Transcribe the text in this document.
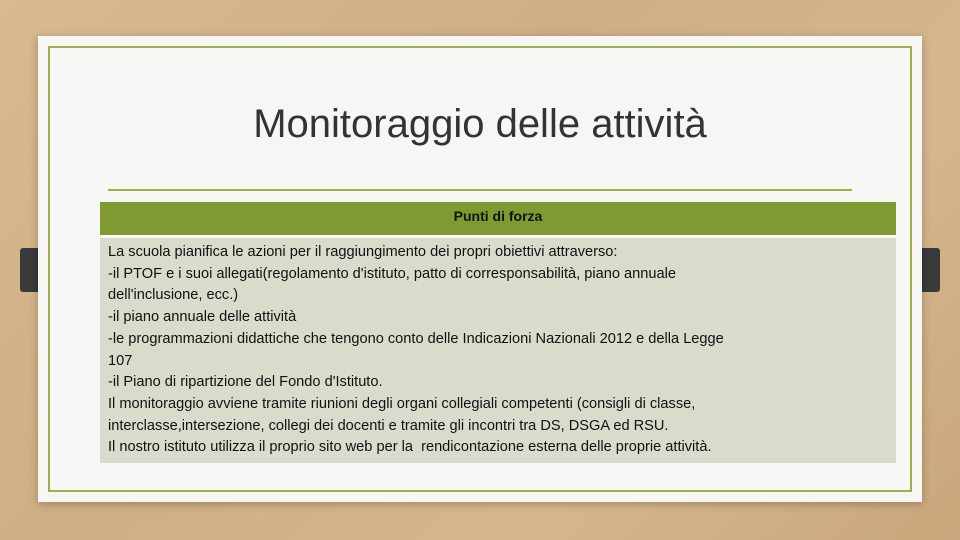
Monitoraggio delle attività
Punti di forza
La scuola pianifica le azioni per il raggiungimento dei propri obiettivi attraverso:
-il PTOF e i suoi allegati(regolamento d'istituto, patto di corresponsabilità, piano annuale
dell'inclusione, ecc.)
-il piano annuale delle attività
-le programmazioni didattiche che tengono conto delle Indicazioni Nazionali 2012 e della Legge
107
-il Piano di ripartizione del Fondo d'Istituto.
Il monitoraggio avviene tramite riunioni degli organi collegiali competenti (consigli di classe,
interclasse,intersezione, collegi dei docenti e tramite gli incontri tra DS, DSGA ed RSU.
Il nostro istituto utilizza il proprio sito web per la  rendicontazione esterna delle proprie attività.
